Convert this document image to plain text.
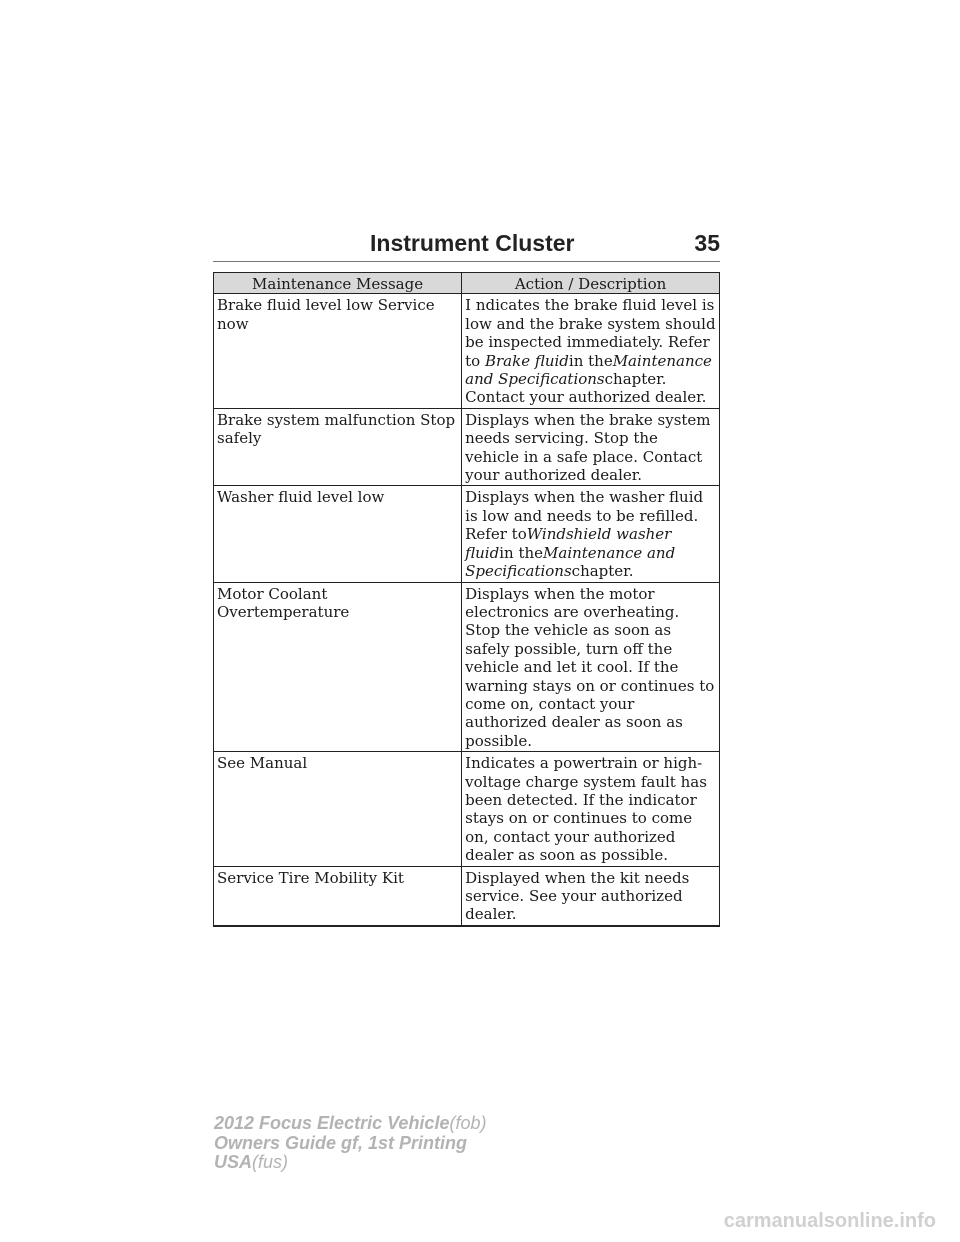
Instrument Cluster	35
Maintenance Message	Action / Description
Brake fluid level low Service now	I ndicates the brake fluid level is low and the brake system should be inspected immediately. Refer to Brake fluidin theMaintenance and Specificationschapter. Contact your authorized dealer.
Brake system malfunction Stop safely	Displays when the brake system needs servicing. Stop the vehicle in a safe place. Contact your authorized dealer.
Washer fluid level low	Displays when the washer fluid is low and needs to be refilled. Refer toWindshield washer fluidin theMaintenance and Specificationschapter.
Motor Coolant Overtemperature	Displays when the motor electronics are overheating. Stop the vehicle as soon as safely possible, turn off the vehicle and let it cool. If the warning stays on or continues to come on, contact your authorized dealer as soon as possible.
See Manual	Indicates a powertrain or high-voltage charge system fault has been detected. If the indicator stays on or continues to come on, contact your authorized dealer as soon as possible.
Service Tire Mobility Kit	Displayed when the kit needs service. See your authorized dealer.
2012 Focus Electric Vehicle(fob)
Owners Guide gf, 1st Printing
USA(fus)
carmanualsonline.info
